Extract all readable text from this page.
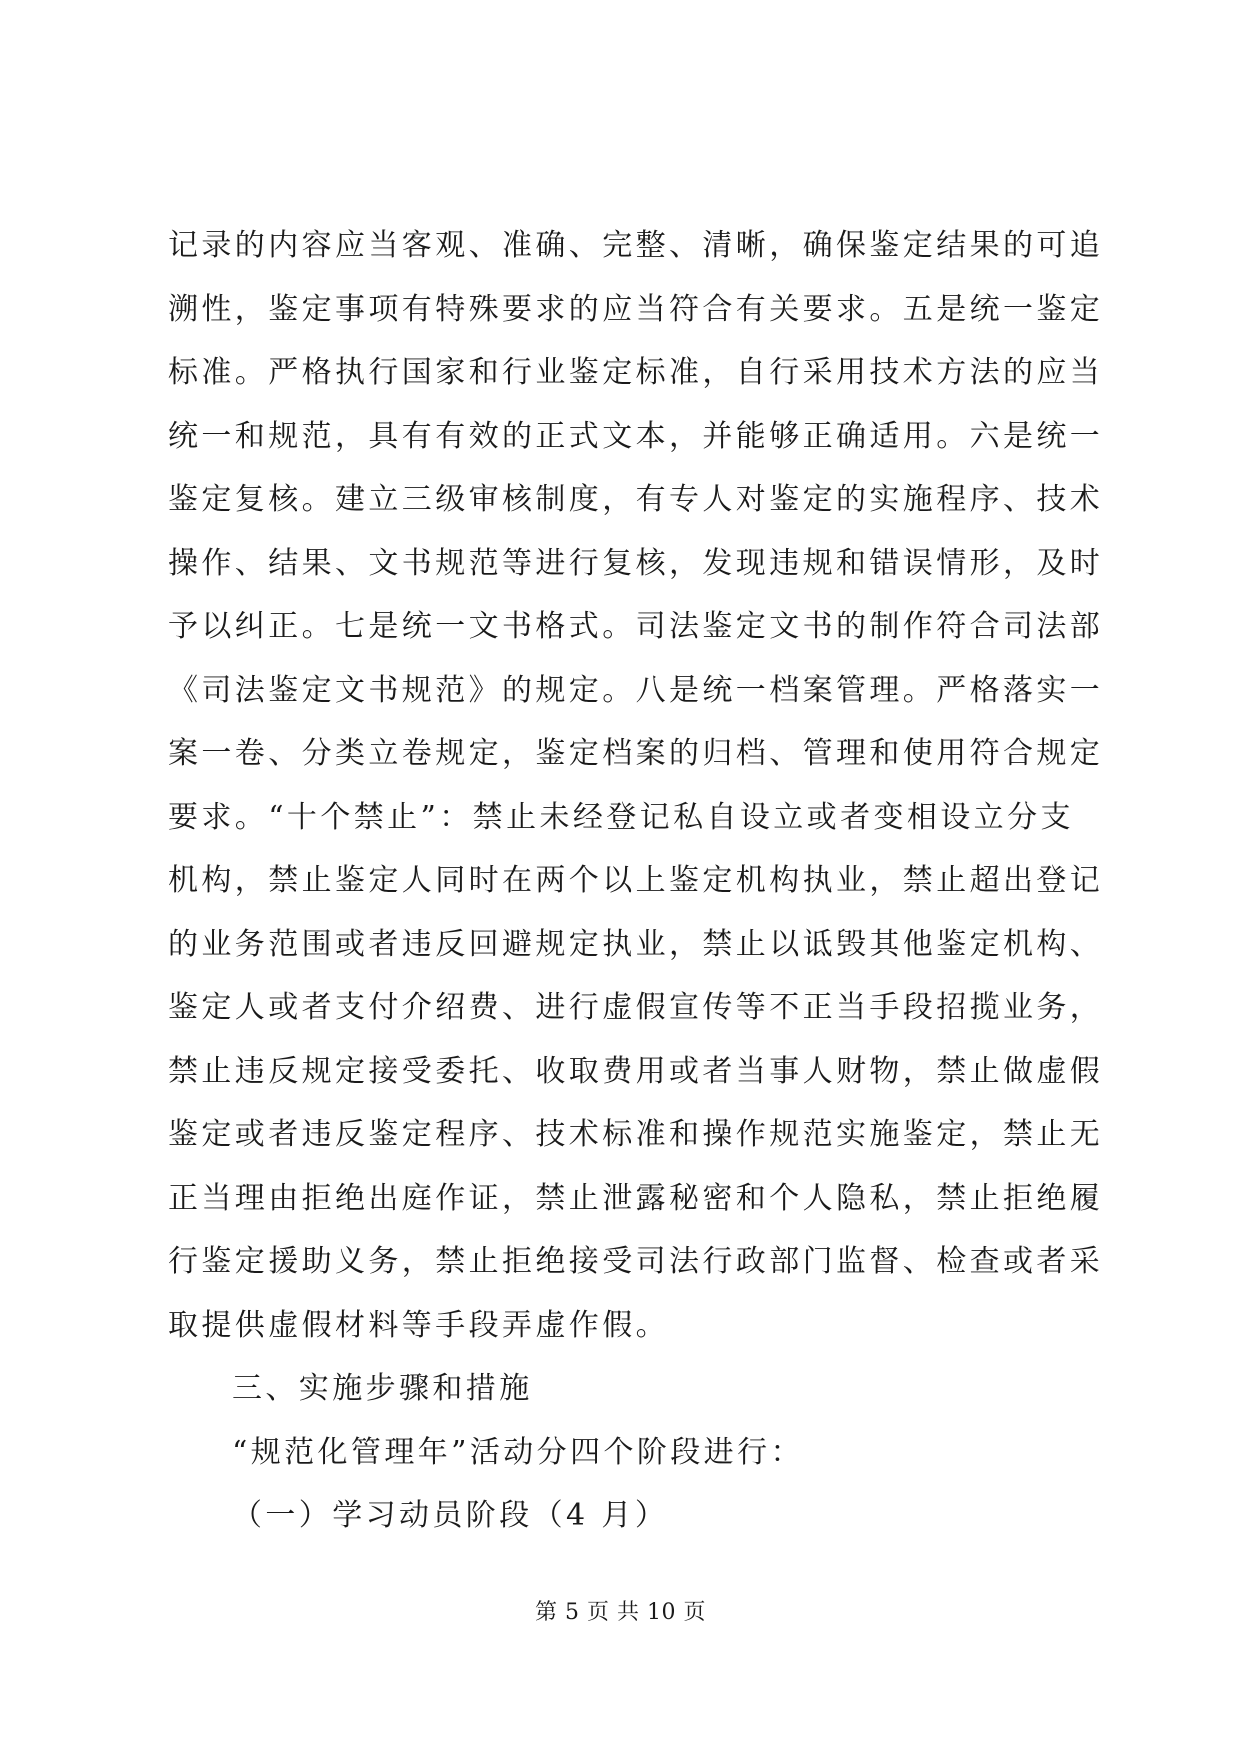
记录的内容应当客观、准确、完整、清晰，确保鉴定结果的可追
溯性，鉴定事项有特殊要求的应当符合有关要求。五是统一鉴定
标准。严格执行国家和行业鉴定标准，自行采用技术方法的应当
统一和规范，具有有效的正式文本，并能够正确适用。六是统一
鉴定复核。建立三级审核制度，有专人对鉴定的实施程序、技术
操作、结果、文书规范等进行复核，发现违规和错误情形，及时
予以纠正。七是统一文书格式。司法鉴定文书的制作符合司法部
《司法鉴定文书规范》的规定。八是统一档案管理。严格落实一
案一卷、分类立卷规定，鉴定档案的归档、管理和使用符合规定
要求。“十个禁止”：禁止未经登记私自设立或者变相设立分支
机构，禁止鉴定人同时在两个以上鉴定机构执业，禁止超出登记
的业务范围或者违反回避规定执业，禁止以诋毁其他鉴定机构、
鉴定人或者支付介绍费、进行虚假宣传等不正当手段招揽业务，
禁止违反规定接受委托、收取费用或者当事人财物，禁止做虚假
鉴定或者违反鉴定程序、技术标准和操作规范实施鉴定，禁止无
正当理由拒绝出庭作证，禁止泄露秘密和个人隐私，禁止拒绝履
行鉴定援助义务，禁止拒绝接受司法行政部门监督、检查或者采
取提供虚假材料等手段弄虚作假。
三、实施步骤和措施
“规范化管理年”活动分四个阶段进行：
（一）学习动员阶段（4 月）
第 5 页 共 10 页
